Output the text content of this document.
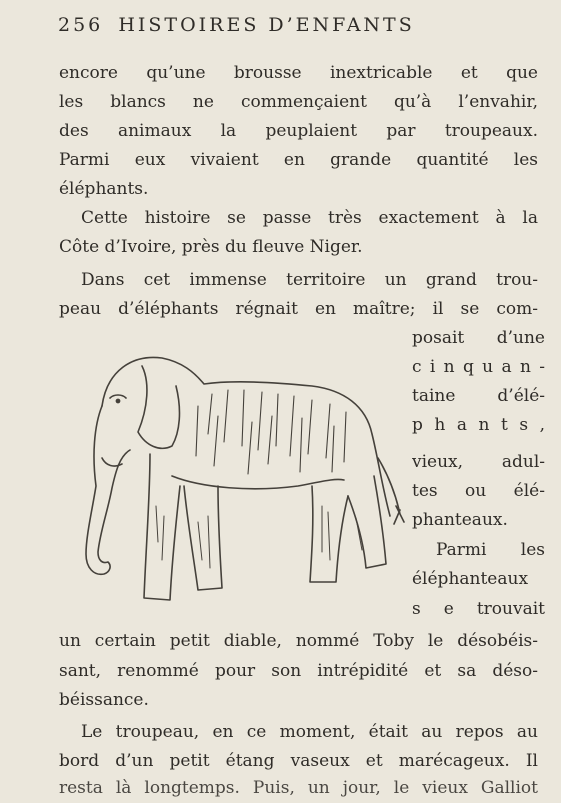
256 HISTOIRES D’ENFANTS
encore qu’une brousse inextricable et que
les blancs ne commençaient qu’à l’envahir,
des animaux la peuplaient par troupeaux.
Parmi eux vivaient en grande quantité les
éléphants.
Cette histoire se passe très exactement à la
Côte d’Ivoire, près du fleuve Niger.
Dans cet immense territoire un grand trou-
peau d’éléphants régnait en maître; il se com-
posait d’une
c i n q u a n -
taine d’élé-
p h a n t s ,
vieux, adul-
tes ou élé-
phanteaux.
Parmi les
éléphanteaux
s e trouvait
un certain petit diable, nommé Toby le désobéis-
sant, renommé pour son intrépidité et sa déso-
béissance.
Le troupeau, en ce moment, était au repos au
bord d’un petit étang vaseux et marécageux. Il
resta là longtemps. Puis, un jour, le vieux Galliot
